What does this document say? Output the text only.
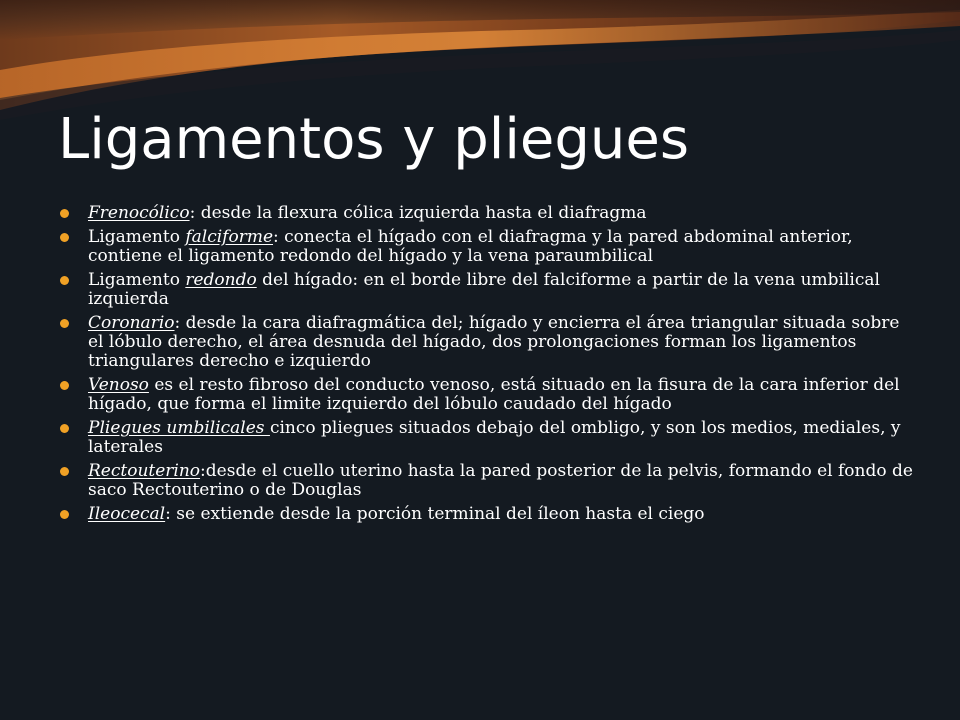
Ligamentos y pliegues
Frenocólico: desde la flexura cólica izquierda hasta el diafragma
Ligamento falciforme: conecta el hígado con el diafragma y la pared abdominal anterior, contiene el ligamento redondo del hígado y la vena paraumbilical
Ligamento redondo del hígado: en el borde libre del falciforme a partir de la vena umbilical izquierda
Coronario: desde la cara diafragmática del; hígado y encierra el área triangular situada sobre el lóbulo derecho, el área desnuda del hígado, dos prolongaciones forman los ligamentos triangulares derecho e izquierdo
Venoso es el resto fibroso del conducto venoso, está situado en la fisura de la cara inferior del hígado, que forma el limite izquierdo del lóbulo caudado del hígado
Pliegues umbilicales cinco pliegues situados debajo del ombligo, y son los medios, mediales, y laterales
Rectouterino:desde el cuello uterino hasta la pared posterior de la pelvis, formando el fondo de saco Rectouterino o de Douglas
Ileocecal: se extiende desde la porción terminal del íleon hasta el ciego
